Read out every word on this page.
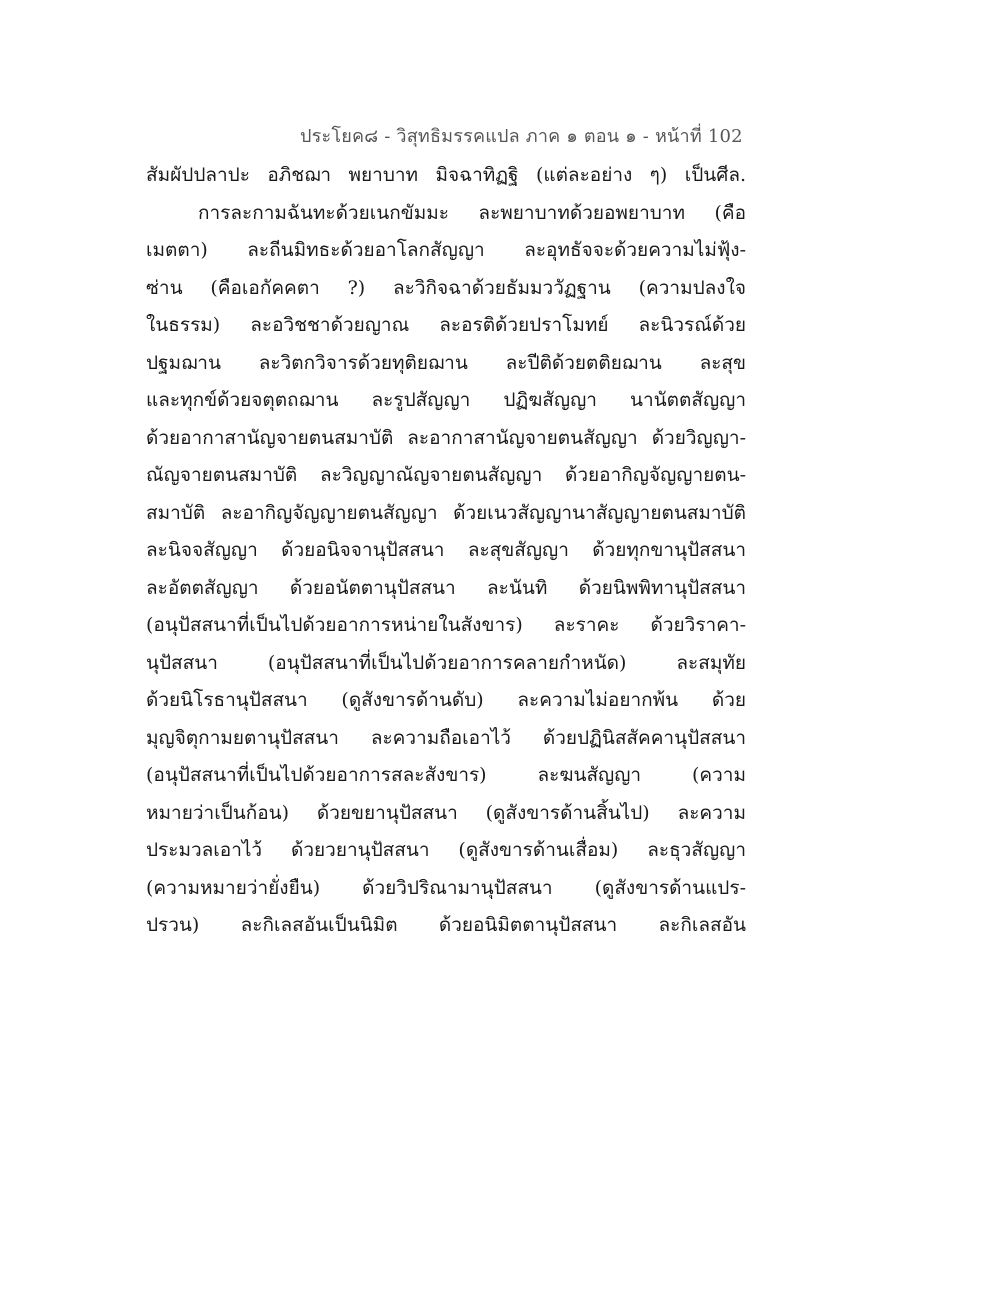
ประโยค๘ - วิสุทธิมรรคแปล ภาค ๑ ตอน ๑ - หน้าที่ 102
สัมผัปปลาปะ อภิชฌา พยาบาท มิจฉาทิฏฐิ (แต่ละอย่าง ๆ) เป็นศีล.
การละกามฉันทะด้วยเนกขัมมะ ละพยาบาทด้วยอพยาบาท (คือ
เมตตา) ละถีนมิทธะด้วยอาโลกสัญญา ละอุทธัจจะด้วยความไม่ฟุ้ง-
ซ่าน (คือเอกัคคตา ?) ละวิกิจฉาด้วยธัมมววัฏฐาน (ความปลงใจ
ในธรรม) ละอวิชชาด้วยญาณ ละอรติด้วยปราโมทย์ ละนิวรณ์ด้วย
ปฐมฌาน ละวิตกวิจารด้วยทุติยฌาน ละปีติด้วยตติยฌาน ละสุข
และทุกข์ด้วยจตุตถฌาน ละรูปสัญญา ปฏิฆสัญญา นานัตตสัญญา
ด้วยอากาสานัญจายตนสมาบัติ ละอากาสานัญจายตนสัญญา ด้วยวิญญา-
ณัญจายตนสมาบัติ ละวิญญาณัญจายตนสัญญา ด้วยอากิญจัญญายตน-
สมาบัติ ละอากิญจัญญายตนสัญญา ด้วยเนวสัญญานาสัญญายตนสมาบัติ
ละนิจจสัญญา ด้วยอนิจจานุปัสสนา ละสุขสัญญา ด้วยทุกขานุปัสสนา
ละอัตตสัญญา ด้วยอนัตตานุปัสสนา ละนันทิ ด้วยนิพพิทานุปัสสนา
(อนุปัสสนาที่เป็นไปด้วยอาการหน่ายในสังขาร) ละราคะ ด้วยวิราคา-
นุปัสสนา (อนุปัสสนาที่เป็นไปด้วยอาการคลายกำหนัด) ละสมุทัย
ด้วยนิโรธานุปัสสนา (ดูสังขารด้านดับ) ละความไม่อยากพ้น ด้วย
มุญจิตุกามยตานุปัสสนา ละความถือเอาไว้ ด้วยปฏินิสสัคคานุปัสสนา
(อนุปัสสนาที่เป็นไปด้วยอาการสละสังขาร) ละฆนสัญญา (ความ
หมายว่าเป็นก้อน) ด้วยขยานุปัสสนา (ดูสังขารด้านสิ้นไป) ละความ
ประมวลเอาไว้ ด้วยวยานุปัสสนา (ดูสังขารด้านเสื่อม) ละธุวสัญญา
(ความหมายว่ายั่งยืน) ด้วยวิปริณามานุปัสสนา (ดูสังขารด้านแปร-
ปรวน) ละกิเลสอันเป็นนิมิต ด้วยอนิมิตตานุปัสสนา ละกิเลสอัน
